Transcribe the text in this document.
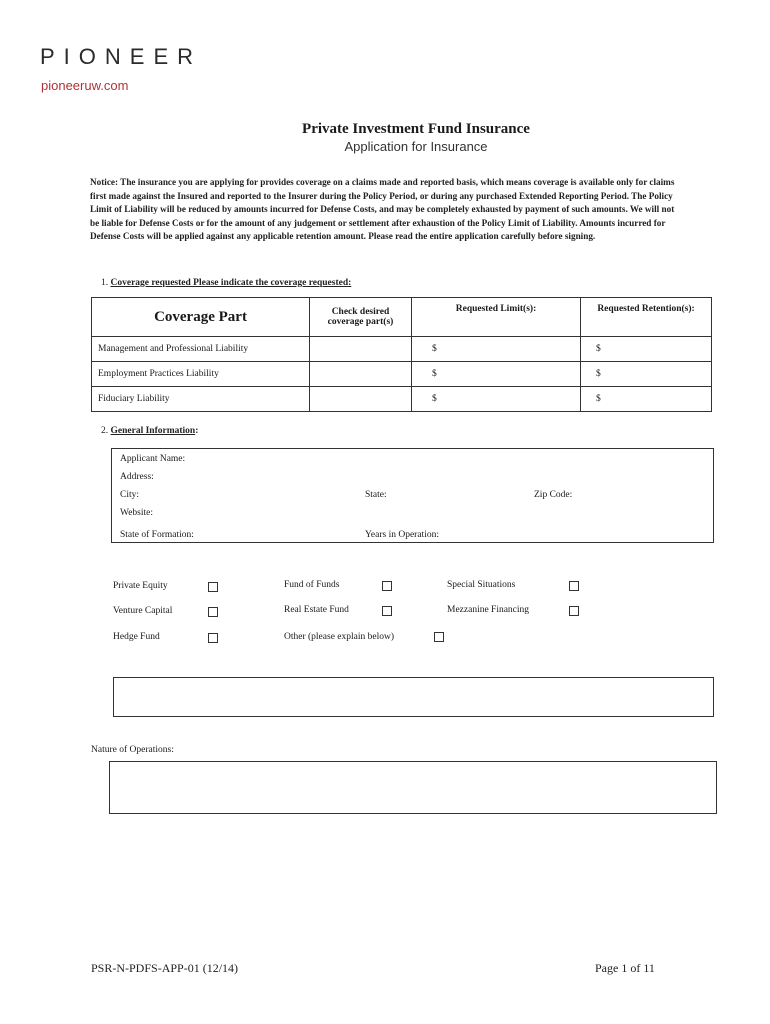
PIONEER
pioneeruw.com
Private Investment Fund Insurance
Application for Insurance
Notice: The insurance you are applying for provides coverage on a claims made and reported basis, which means coverage is available only for claims first made against the Insured and reported to the Insurer during the Policy Period, or during any purchased Extended Reporting Period. The Policy Limit of Liability will be reduced by amounts incurred for Defense Costs, and may be completely exhausted by payment of such amounts. We will not be liable for Defense Costs or for the amount of any judgement or settlement after exhaustion of the Policy Limit of Liability. Amounts incurred for Defense Costs will be applied against any applicable retention amount. Please read the entire application carefully before signing.
1. Coverage requested Please indicate the coverage requested:
Coverage Part	Check desired coverage part(s)	Requested Limit(s):	Requested Retention(s):
Management and Professional Liability		$	$
Employment Practices Liability		$	$
Fiduciary Liability		$	$
2. General Information:
Applicant Name:
Address:
City:	State:	Zip Code:
Website:
State of Formation:	Years in Operation:
Private Equity
Venture Capital
Hedge Fund
Fund of Funds
Real Estate Fund
Other (please explain below)
Special Situations
Mezzanine Financing
Nature of Operations:
PSR-N-PDFS-APP-01 (12/14)	Page 1 of 11
